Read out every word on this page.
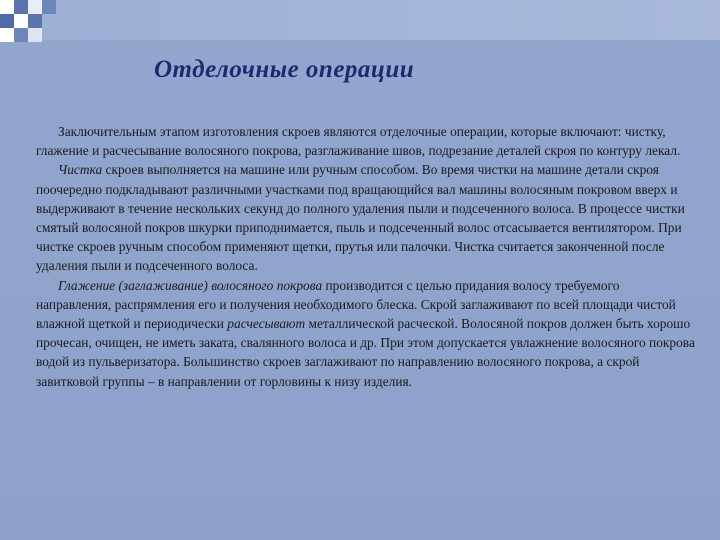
Отделочные операции

Заключительным этапом изготовления скроев являются отделочные операции, которые включают: чистку, глажение и расчесывание волосяного покрова, разглаживание швов, подрезание деталей скроя по контуру лекал.

Чистка скроев выполняется на машине или ручным способом. Во время чистки на машине детали скроя поочередно подкладывают различными участками под вращающийся вал машины волосяным покровом вверх и выдерживают в течение нескольких секунд до полного удаления пыли и подсеченного волоса. В процессе чистки смятый волосяной покров шкурки приподнимается, пыль и подсеченный волос отсасывается вентилятором. При чистке скроев ручным способом применяют щетки, прутья или палочки. Чистка считается законченной после удаления пыли и подсеченного волоса.

Глажение (заглаживание) волосяного покрова производится с целью придания волосу требуемого направления, распрямления его и получения необходимого блеска. Скрой заглаживают по всей площади чистой влажной щеткой и периодически расчесывают металлической расческой. Волосяной покров должен быть хорошо прочесан, очищен, не иметь заката, свалянного волоса и др. При этом допускается увлажнение волосяного покрова водой из пульверизатора. Большинство скроев заглаживают по направлению волосяного покрова, а скрой завитковой группы – в направлении от горловины к низу изделия.
